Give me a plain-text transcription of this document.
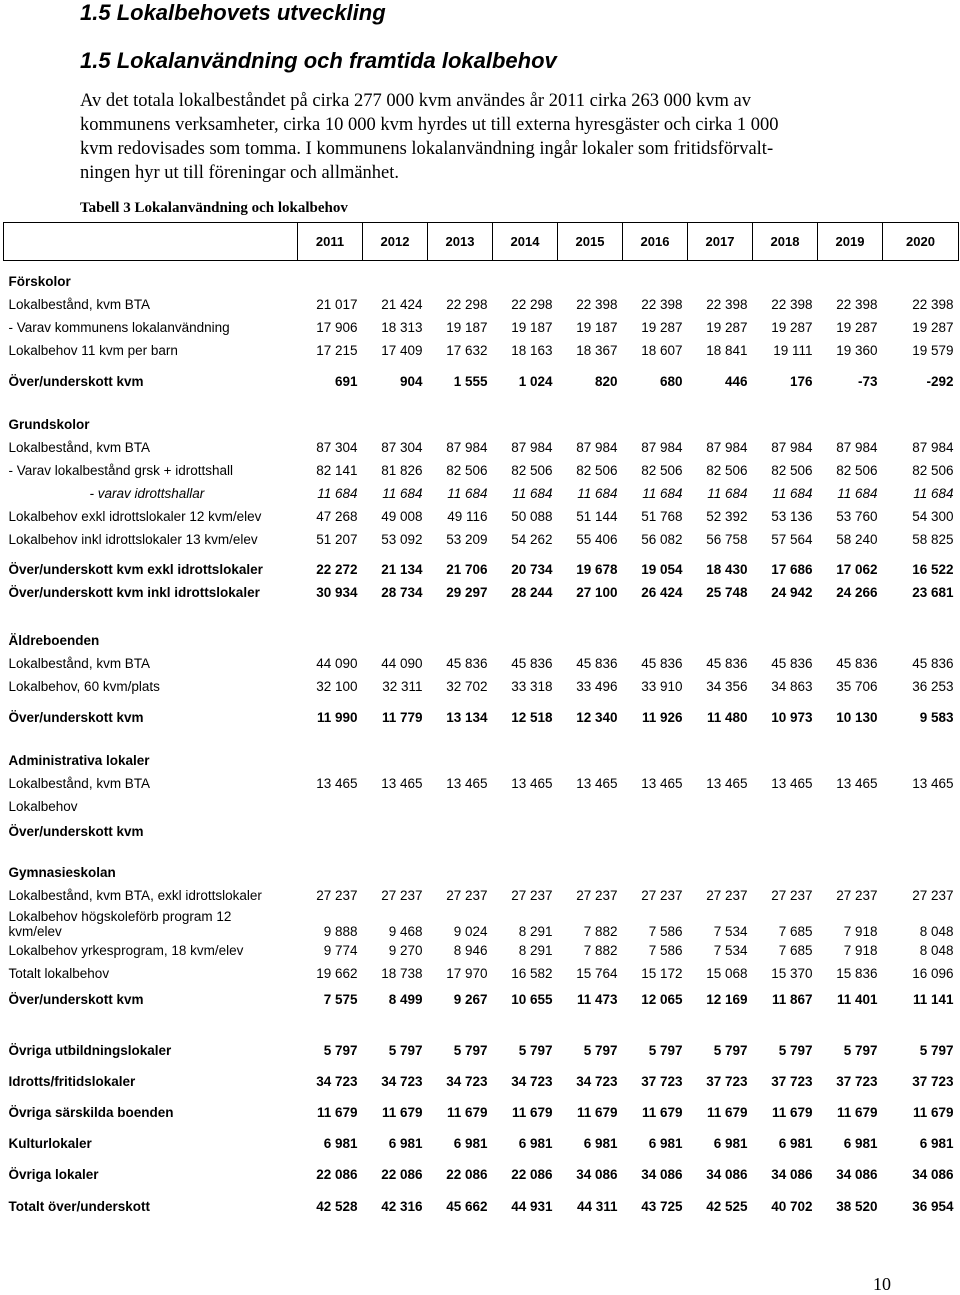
1.5 Lokalbehovets utveckling
1.5 Lokalanvändning och framtida lokalbehov
Av det totala lokalbeståndet på cirka 277 000 kvm användes år 2011 cirka 263 000 kvm av
kommunens verksamheter, cirka 10 000 kvm hyrdes ut till externa hyresgäster och cirka 1 000
kvm redovisades som tomma. I kommunens lokalanvändning ingår lokaler som fritidsförvalt-
ningen hyr ut till föreningar och allmänhet.
Tabell 3 Lokalanvändning och lokalbehov
	2011	2012	2013	2014	2015	2016	2017	2018	2019	2020

Förskolor										
Lokalbestånd, kvm BTA	21 017	21 424	22 298	22 298	22 398	22 398	22 398	22 398	22 398	22 398
- Varav kommunens lokalanvändning	17 906	18 313	19 187	19 187	19 187	19 287	19 287	19 287	19 287	19 287
Lokalbehov 11 kvm per barn	17 215	17 409	17 632	18 163	18 367	18 607	18 841	19 111	19 360	19 579

Över/underskott kvm	691	904	1 555	1 024	820	680	446	176	-73	-292

Grundskolor										
Lokalbestånd, kvm BTA	87 304	87 304	87 984	87 984	87 984	87 984	87 984	87 984	87 984	87 984
- Varav lokalbestånd grsk + idrottshall	82 141	81 826	82 506	82 506	82 506	82 506	82 506	82 506	82 506	82 506
- varav idrottshallar	11 684	11 684	11 684	11 684	11 684	11 684	11 684	11 684	11 684	11 684
Lokalbehov exkl idrottslokaler 12 kvm/elev	47 268	49 008	49 116	50 088	51 144	51 768	52 392	53 136	53 760	54 300
Lokalbehov inkl idrottslokaler 13 kvm/elev	51 207	53 092	53 209	54 262	55 406	56 082	56 758	57 564	58 240	58 825

Över/underskott kvm exkl idrottslokaler	22 272	21 134	21 706	20 734	19 678	19 054	18 430	17 686	17 062	16 522
Över/underskott kvm inkl idrottslokaler	30 934	28 734	29 297	28 244	27 100	26 424	25 748	24 942	24 266	23 681

Äldreboenden										
Lokalbestånd, kvm BTA	44 090	44 090	45 836	45 836	45 836	45 836	45 836	45 836	45 836	45 836
Lokalbehov, 60 kvm/plats	32 100	32 311	32 702	33 318	33 496	33 910	34 356	34 863	35 706	36 253

Över/underskott kvm	11 990	11 779	13 134	12 518	12 340	11 926	11 480	10 973	10 130	9 583

Administrativa lokaler										
Lokalbestånd, kvm BTA	13 465	13 465	13 465	13 465	13 465	13 465	13 465	13 465	13 465	13 465
Lokalbehov										
Över/underskott kvm										

Gymnasieskolan										
Lokalbestånd, kvm BTA, exkl idrottslokaler	27 237	27 237	27 237	27 237	27 237	27 237	27 237	27 237	27 237	27 237

Lokalbehov högskoleförb program 12
kvm/elev	9 888	9 468	9 024	8 291	7 882	7 586	7 534	7 685	7 918	8 048
Lokalbehov yrkesprogram, 18 kvm/elev	9 774	9 270	8 946	8 291	7 882	7 586	7 534	7 685	7 918	8 048
Totalt lokalbehov	19 662	18 738	17 970	16 582	15 764	15 172	15 068	15 370	15 836	16 096

Över/underskott kvm	7 575	8 499	9 267	10 655	11 473	12 065	12 169	11 867	11 401	11 141

Övriga utbildningslokaler	5 797	5 797	5 797	5 797	5 797	5 797	5 797	5 797	5 797	5 797

Idrotts/fritidslokaler	34 723	34 723	34 723	34 723	34 723	37 723	37 723	37 723	37 723	37 723

Övriga särskilda boenden	11 679	11 679	11 679	11 679	11 679	11 679	11 679	11 679	11 679	11 679

Kulturlokaler	6 981	6 981	6 981	6 981	6 981	6 981	6 981	6 981	6 981	6 981

Övriga lokaler	22 086	22 086	22 086	22 086	34 086	34 086	34 086	34 086	34 086	34 086

Totalt över/underskott	42 528	42 316	45 662	44 931	44 311	43 725	42 525	40 702	38 520	36 954
10
